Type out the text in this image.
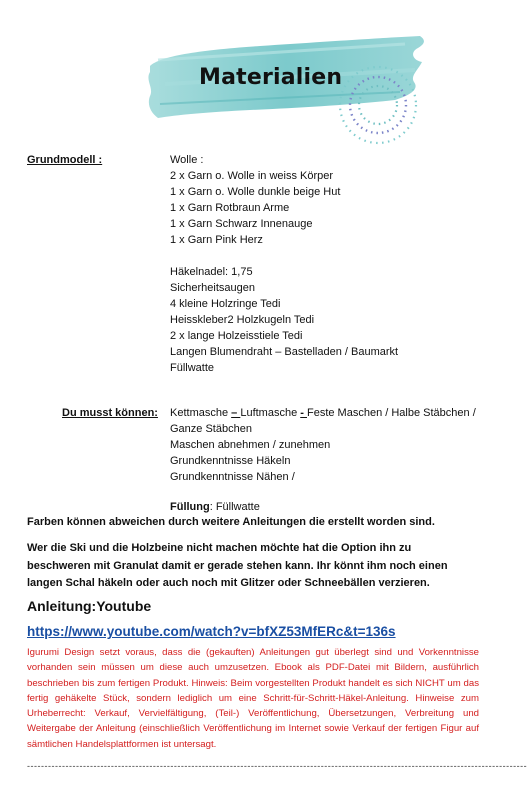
Materialien
Grundmodell :	Wolle :
2 x Garn o. Wolle in weiss Körper
1 x Garn o. Wolle dunkle beige Hut
1 x Garn Rotbraun Arme
1 x Garn Schwarz Innenauge
1 x Garn Pink Herz
Häkelnadel: 1,75
Sicherheitsaugen
4 kleine Holzringe Tedi
Heisskleber2 Holzkugeln Tedi
2 x lange Holzeisstiele Tedi
Langen Blumendraht – Bastelladen / Baumarkt
Füllwatte
Du musst können: Kettmasche – Luftmasche - Feste Maschen / Halbe Stäbchen /
Ganze Stäbchen
Maschen abnehmen / zunehmen
Grundkenntnisse Häkeln
Grundkenntnisse Nähen /
Füllung: Füllwatte
Farben können abweichen durch weitere Anleitungen die erstellt worden sind.
Wer die Ski und die Holzbeine nicht machen möchte hat die Option ihn zu beschweren mit Granulat damit er gerade stehen kann. Ihr könnt ihm noch einen langen Schal häkeln oder auch noch mit Glitzer oder Schneebällen verzieren.
Anleitung:Youtube
https://www.youtube.com/watch?v=bfXZ53MfERc&t=136s
Igurumi Design setzt voraus, dass die (gekauften) Anleitungen gut überlegt sind und Vorkenntnisse vorhanden sein müssen um diese auch umzusetzen. Ebook als PDF-Datei mit Bildern, ausführlich beschrieben bis zum fertigen Produkt. Hinweis: Beim vorgestellten Produkt handelt es sich NICHT um das fertig gehäkelte Stück, sondern lediglich um eine Schritt-für-Schritt-Häkel-Anleitung. Hinweise zum Urheberrecht: Verkauf, Vervielfältigung, (Teil-) Veröffentlichung, Übersetzungen, Verbreitung und Weitergabe der Anleitung (einschließlich Veröffentlichung im Internet sowie Verkauf der fertigen Figur auf sämtlichen Handelsplattformen ist untersagt.
-----------------------------------------------------------------------------------------------------------------------------------------------
